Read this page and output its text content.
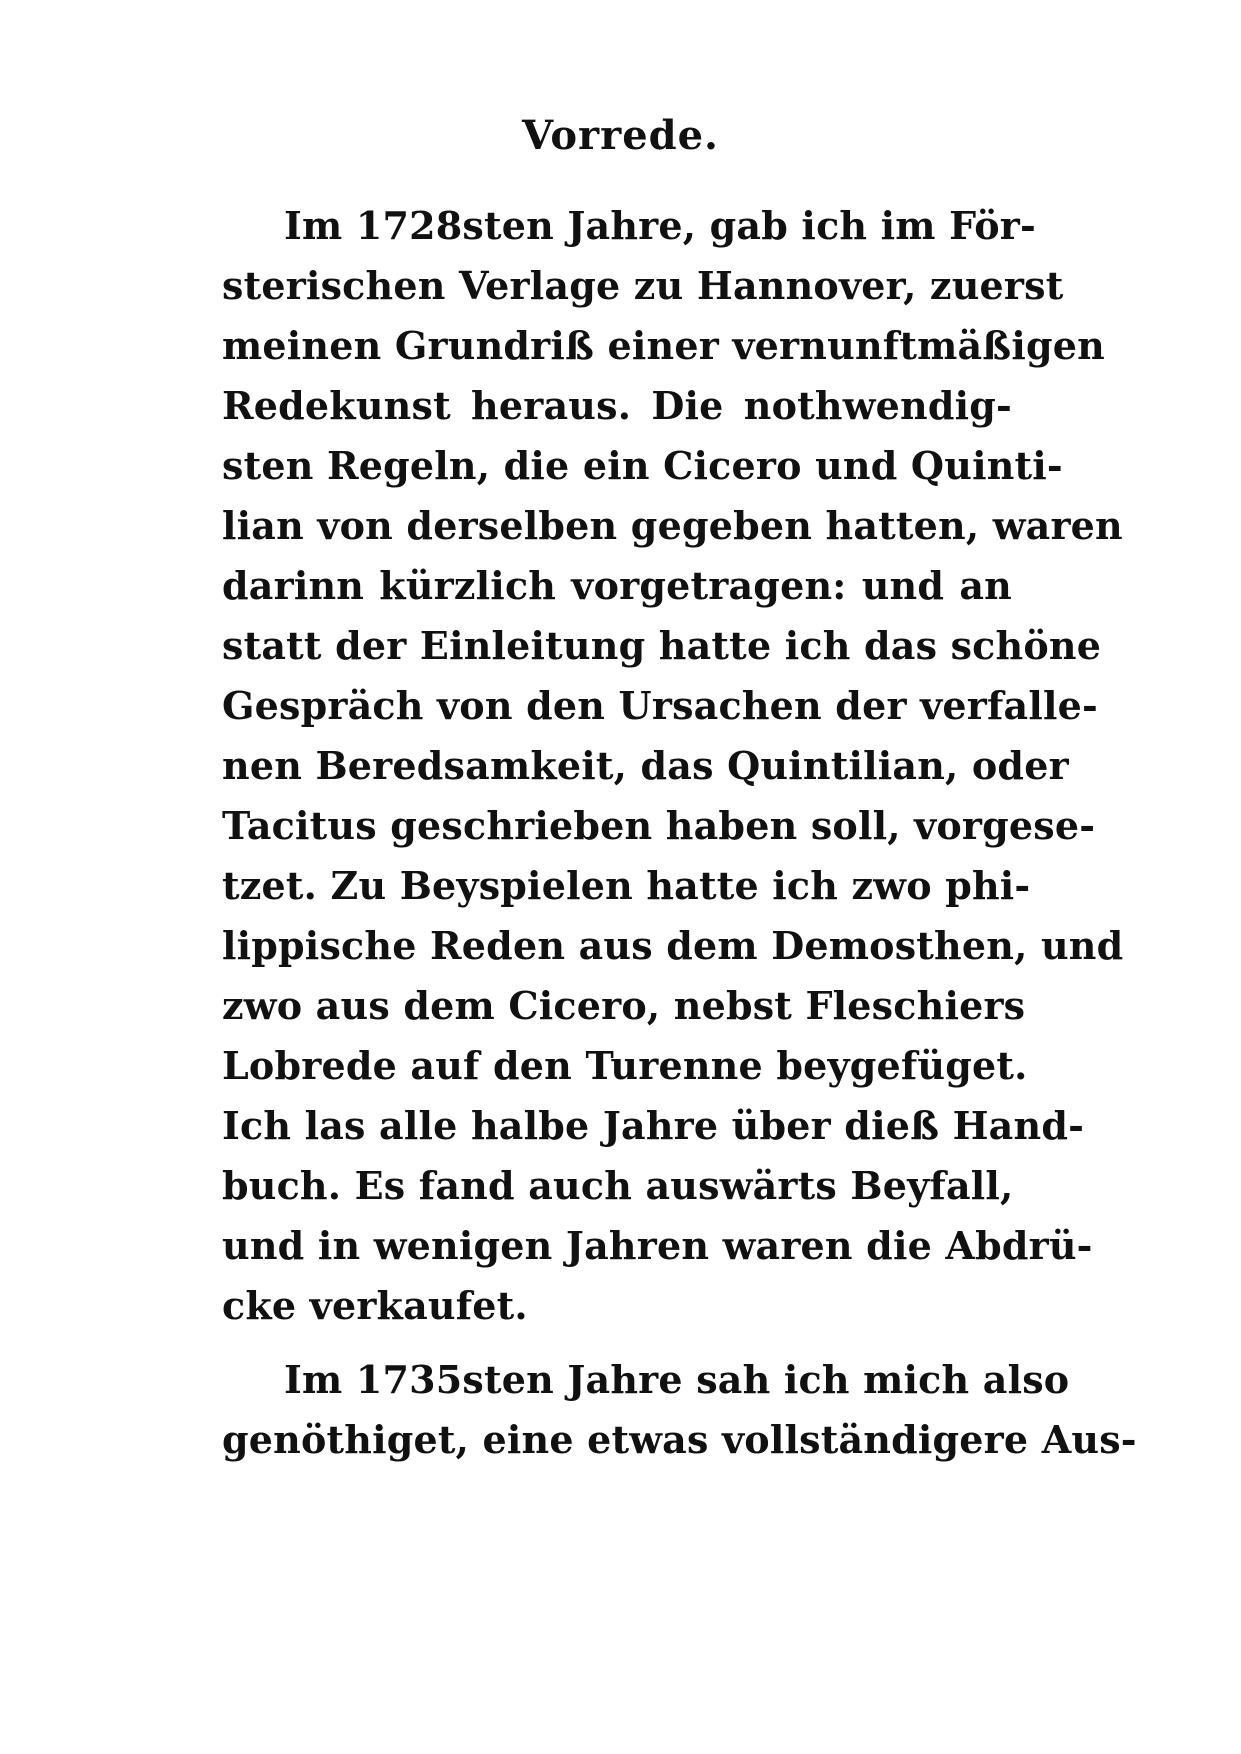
Vorrede.
Im 1728sten Jahre, gab ich im För-
sterischen Verlage zu Hannover, zuerst
meinen Grundriß einer vernunftmäßigen
Redekunst heraus. Die nothwendig-
sten Regeln, die ein Cicero und Quinti-
lian von derselben gegeben hatten, waren
darinn kürzlich vorgetragen: und an
statt der Einleitung hatte ich das schöne
Gespräch von den Ursachen der verfalle-
nen Beredsamkeit, das Quintilian, oder
Tacitus geschrieben haben soll, vorgese-
tzet. Zu Beyspielen hatte ich zwo phi-
lippische Reden aus dem Demosthen, und
zwo aus dem Cicero, nebst Fleschiers
Lobrede auf den Turenne beygefüget.
Ich las alle halbe Jahre über dieß Hand-
buch. Es fand auch auswärts Beyfall,
und in wenigen Jahren waren die Abdrü-
cke verkaufet.
Im 1735sten Jahre sah ich mich also
genöthiget, eine etwas vollständigere Aus-
